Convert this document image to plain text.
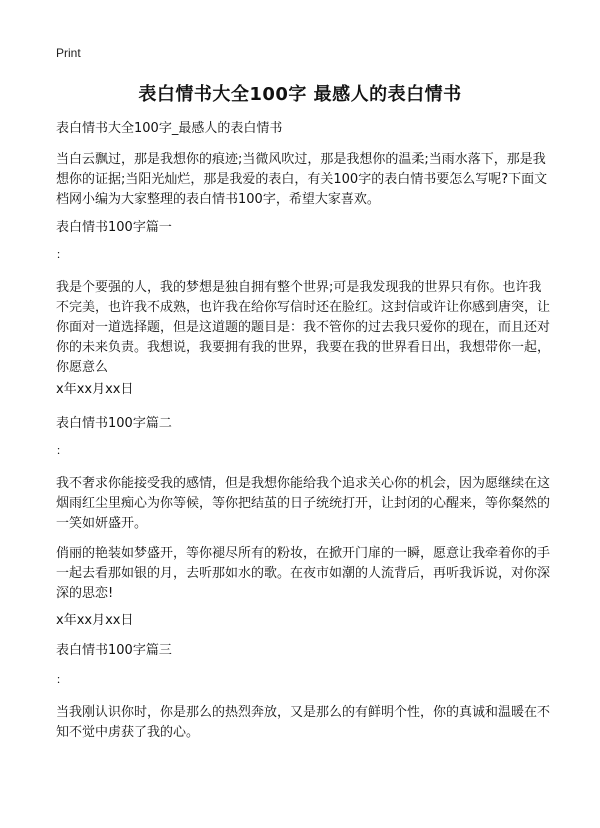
Print
表白情书大全100字 最感人的表白情书

表白情书大全100字_最感人的表白情书

当白云飘过，那是我想你的痕迹;当微风吹过，那是我想你的温柔;当雨水落下，那是我想你的证据;当阳光灿烂，那是我爱的表白，有关100字的表白情书要怎么写呢?下面文档网小编为大家整理的表白情书100字，希望大家喜欢。

表白情书100字篇一

：

我是个要强的人，我的梦想是独自拥有整个世界;可是我发现我的世界只有你。也许我不完美，也许我不成熟，也许我在给你写信时还在脸红。这封信或许让你感到唐突，让你面对一道选择题，但是这道题的题目是：我不管你的过去我只爱你的现在，而且还对你的未来负责。我想说，我要拥有我的世界，我要在我的世界看日出，我想带你一起，你愿意么

x年xx月xx日

表白情书100字篇二

：

我不奢求你能接受我的感情，但是我想你能给我个追求关心你的机会，因为愿继续在这烟雨红尘里痴心为你等候，等你把结茧的日子统统打开，让封闭的心醒来，等你粲然的一笑如妍盛开。

俏丽的艳装如梦盛开，等你褪尽所有的粉妆，在掀开门扉的一瞬，愿意让我牵着你的手一起去看那如银的月，去听那如水的歌。在夜市如潮的人流背后，再听我诉说，对你深深的思恋!

x年xx月xx日

表白情书100字篇三

：

当我刚认识你时，你是那么的热烈奔放，又是那么的有鲜明个性，你的真诚和温暖在不知不觉中虏获了我的心。
